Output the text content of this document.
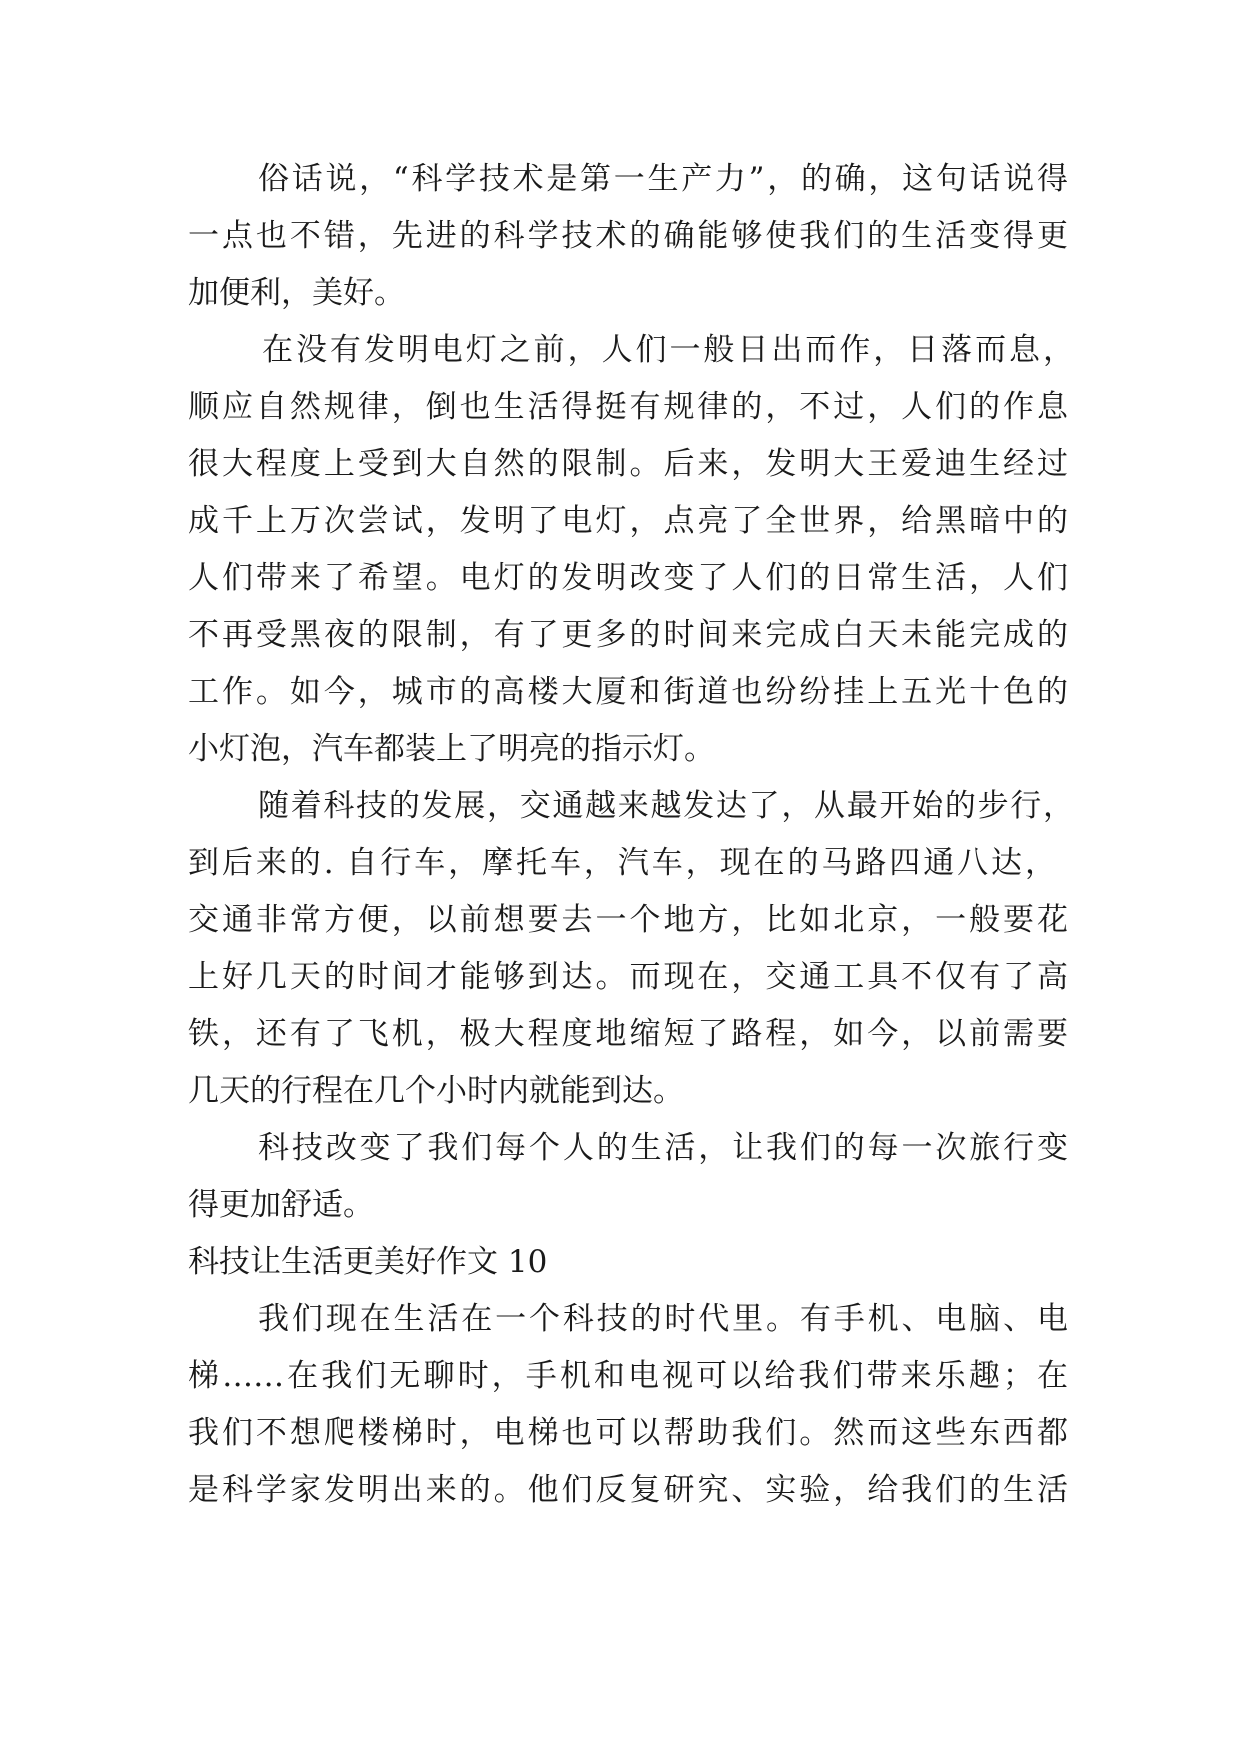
俗话说，“科学技术是第一生产力”，的确，这句话说得
一点也不错，先进的科学技术的确能够使我们的生活变得更
加便利，美好。
在没有发明电灯之前，人们一般日出而作，日落而息，
顺应自然规律，倒也生活得挺有规律的，不过，人们的作息
很大程度上受到大自然的限制。后来，发明大王爱迪生经过
成千上万次尝试，发明了电灯，点亮了全世界，给黑暗中的
人们带来了希望。电灯的发明改变了人们的日常生活，人们
不再受黑夜的限制，有了更多的时间来完成白天未能完成的
工作。如今，城市的高楼大厦和街道也纷纷挂上五光十色的
小灯泡，汽车都装上了明亮的指示灯。
随着科技的发展，交通越来越发达了，从最开始的步行，
到后来的. 自行车，摩托车，汽车，现在的马路四通八达，
交通非常方便，以前想要去一个地方，比如北京，一般要花
上好几天的时间才能够到达。而现在，交通工具不仅有了高
铁，还有了飞机，极大程度地缩短了路程，如今，以前需要
几天的行程在几个小时内就能到达。
科技改变了我们每个人的生活，让我们的每一次旅行变
得更加舒适。
科技让生活更美好作文 10
我们现在生活在一个科技的时代里。有手机、电脑、电
梯……在我们无聊时，手机和电视可以给我们带来乐趣；在
我们不想爬楼梯时，电梯也可以帮助我们。然而这些东西都
是科学家发明出来的。他们反复研究、实验，给我们的生活
